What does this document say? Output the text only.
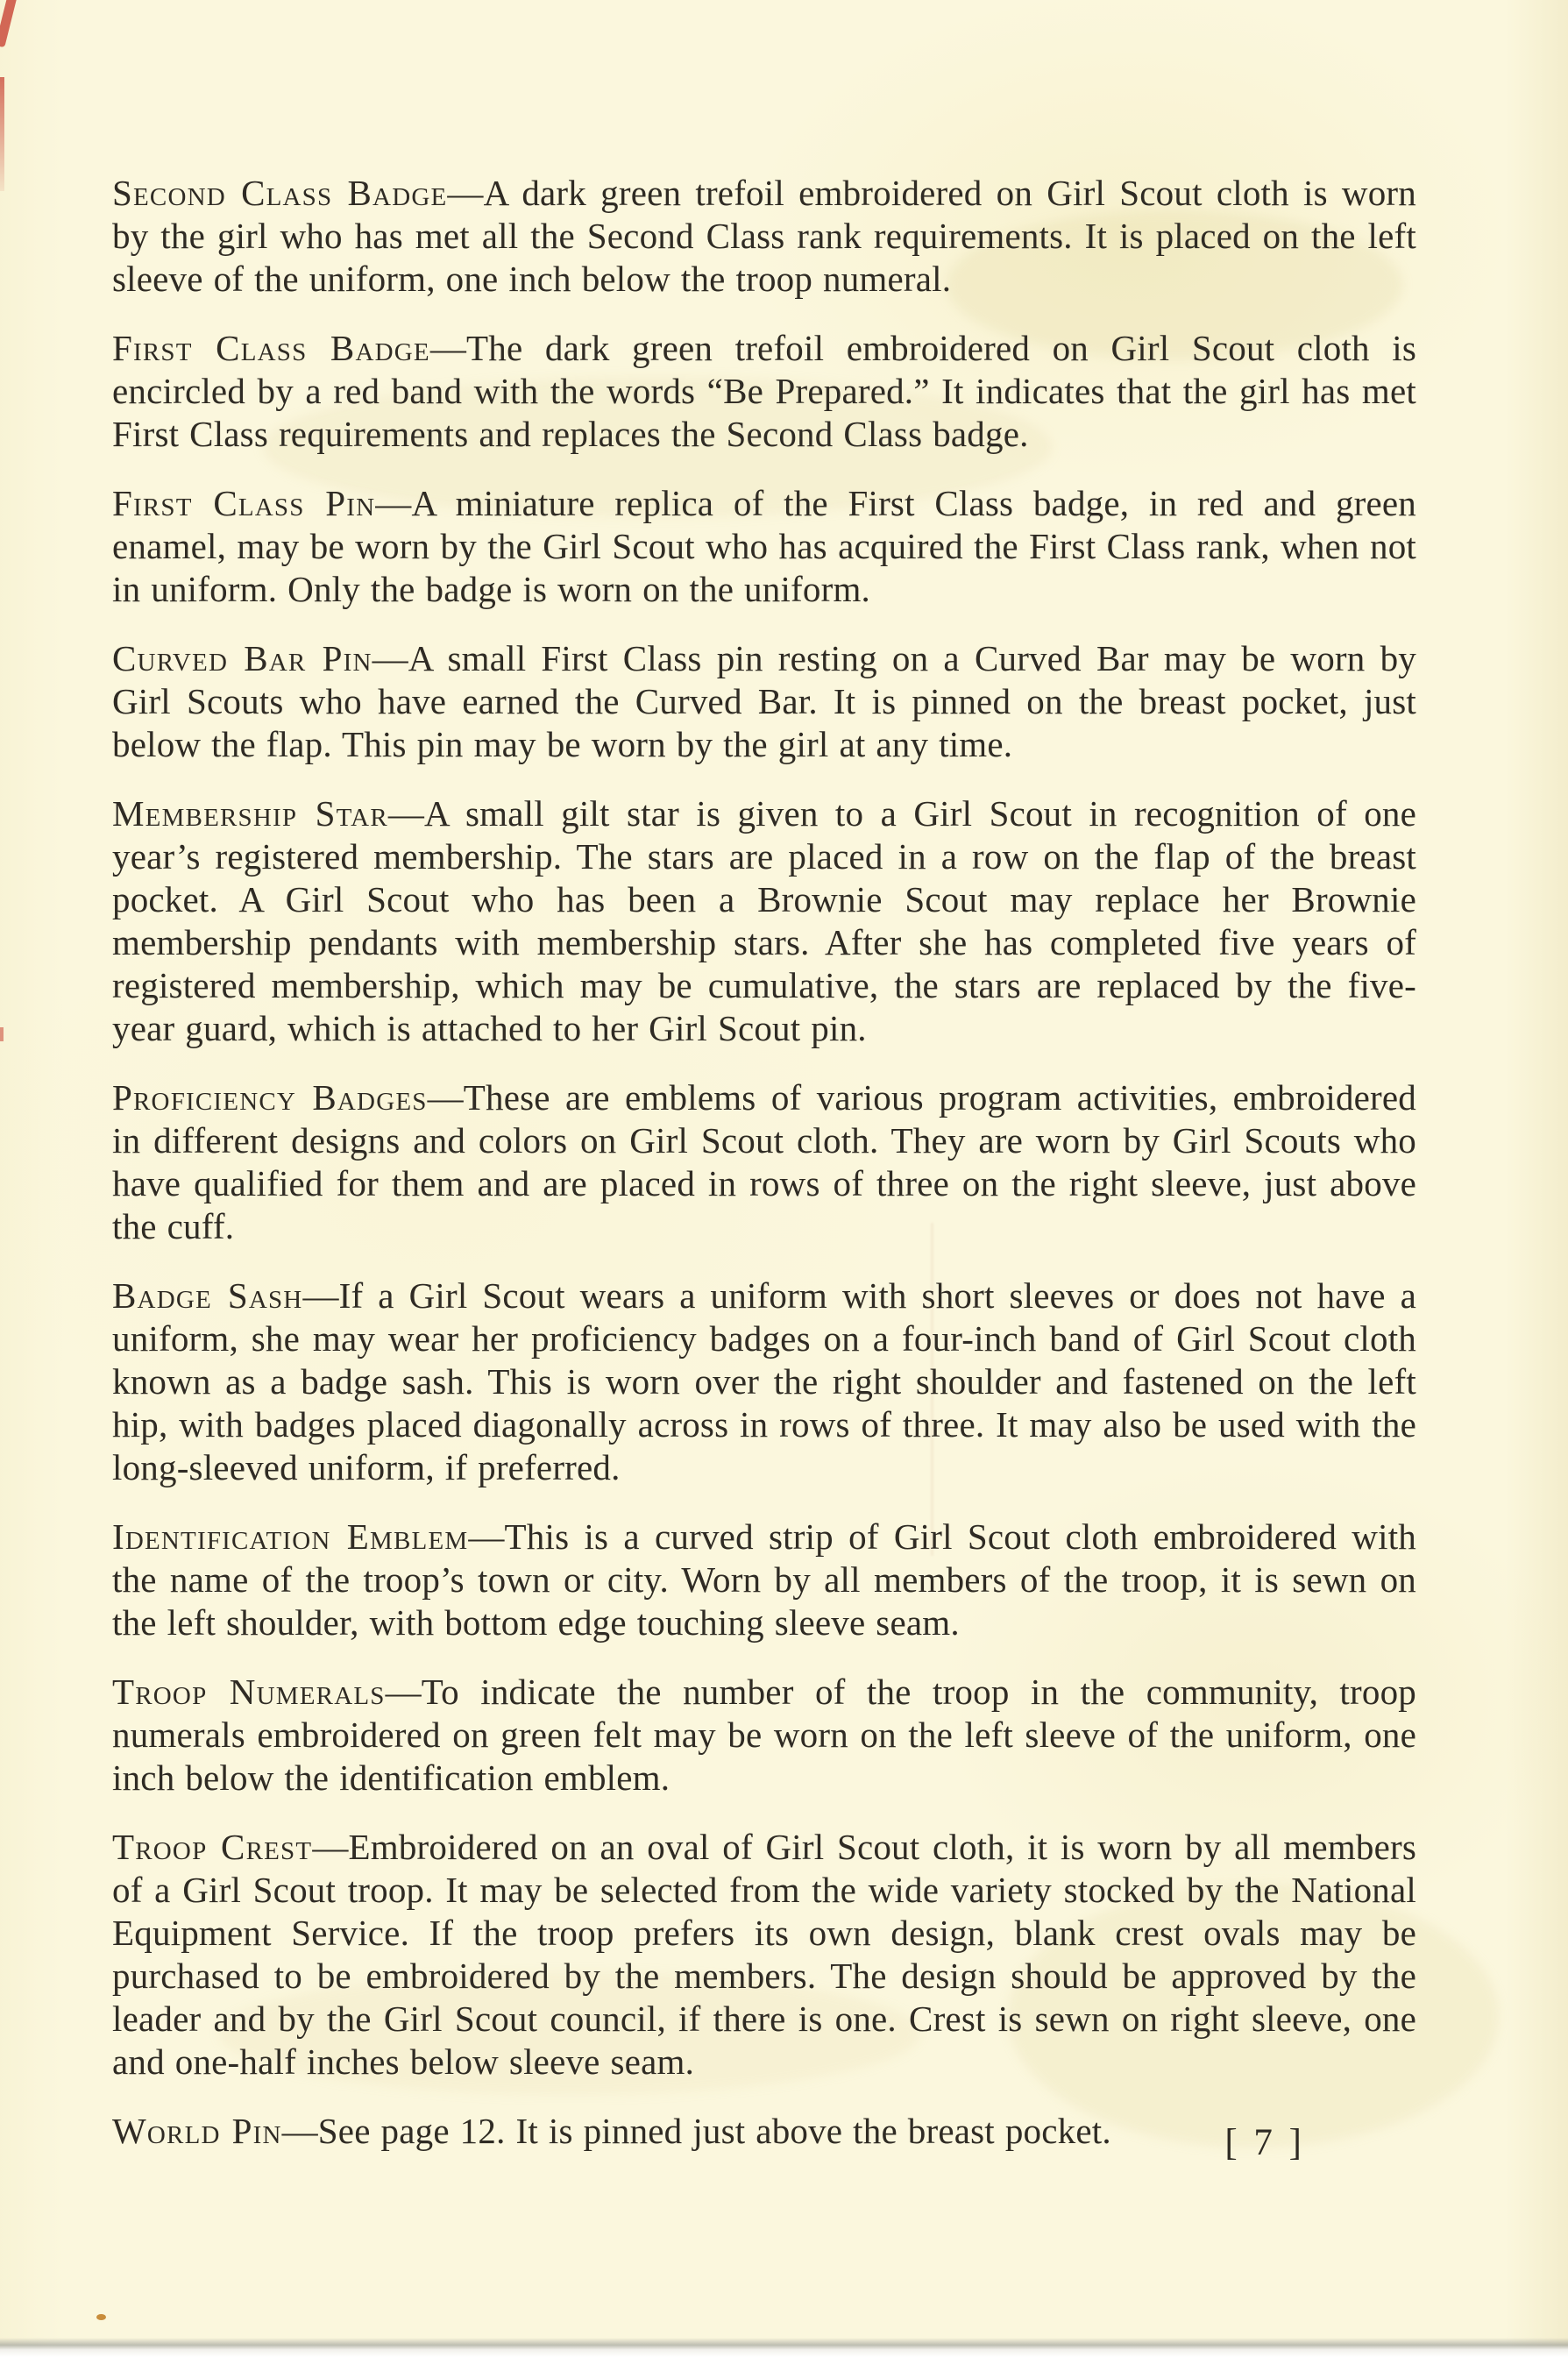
Second Class Badge—A dark green trefoil embroidered on Girl Scout cloth is worn by the girl who has met all the Second Class rank requirements. It is placed on the left sleeve of the uniform, one inch below the troop numeral.

First Class Badge—The dark green trefoil embroidered on Girl Scout cloth is encircled by a red band with the words “Be Prepared.” It indicates that the girl has met First Class requirements and replaces the Second Class badge.

First Class Pin—A miniature replica of the First Class badge, in red and green enamel, may be worn by the Girl Scout who has acquired the First Class rank, when not in uniform. Only the badge is worn on the uniform.

Curved Bar Pin—A small First Class pin resting on a Curved Bar may be worn by Girl Scouts who have earned the Curved Bar. It is pinned on the breast pocket, just below the flap. This pin may be worn by the girl at any time.

Membership Star—A small gilt star is given to a Girl Scout in recognition of one year’s registered membership. The stars are placed in a row on the flap of the breast pocket. A Girl Scout who has been a Brownie Scout may replace her Brownie membership pendants with membership stars. After she has completed five years of registered membership, which may be cumulative, the stars are replaced by the five-year guard, which is attached to her Girl Scout pin.

Proficiency Badges—These are emblems of various program activities, embroidered in different designs and colors on Girl Scout cloth. They are worn by Girl Scouts who have qualified for them and are placed in rows of three on the right sleeve, just above the cuff.

Badge Sash—If a Girl Scout wears a uniform with short sleeves or does not have a uniform, she may wear her proficiency badges on a four-inch band of Girl Scout cloth known as a badge sash. This is worn over the right shoulder and fastened on the left hip, with badges placed diagonally across in rows of three. It may also be used with the long-sleeved uniform, if preferred.

Identification Emblem—This is a curved strip of Girl Scout cloth embroidered with the name of the troop’s town or city. Worn by all members of the troop, it is sewn on the left shoulder, with bottom edge touching sleeve seam.

Troop Numerals—To indicate the number of the troop in the community, troop numerals embroidered on green felt may be worn on the left sleeve of the uniform, one inch below the identification emblem.

Troop Crest—Embroidered on an oval of Girl Scout cloth, it is worn by all members of a Girl Scout troop. It may be selected from the wide variety stocked by the National Equipment Service. If the troop prefers its own design, blank crest ovals may be purchased to be embroidered by the members. The design should be approved by the leader and by the Girl Scout council, if there is one. Crest is sewn on right sleeve, one and one-half inches below sleeve seam.

World Pin—See page 12. It is pinned just above the breast pocket.	[ 7 ]
